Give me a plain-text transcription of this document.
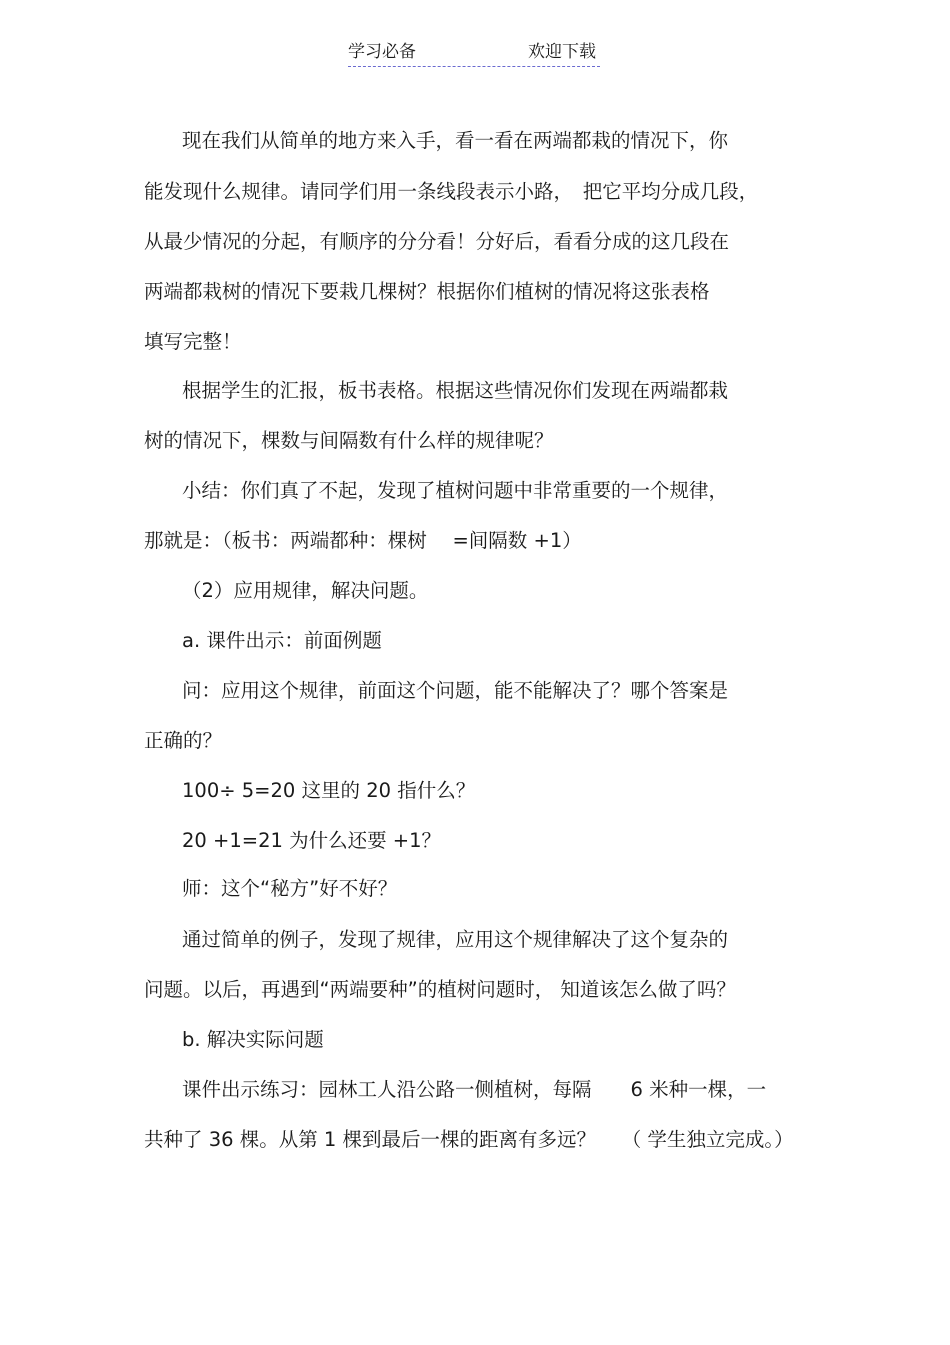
学习必备	欢迎下载
现在我们从简单的地方来入手，看一看在两端都栽的情况下，你
能发现什么规律。请同学们用一条线段表示小路，　把它平均分成几段，
从最少情况的分起，有顺序的分分看！分好后，看看分成的这几段在
两端都栽树的情况下要栽几棵树？根据你们植树的情况将这张表格
填写完整！
根据学生的汇报，板书表格。根据这些情况你们发现在两端都栽
树的情况下，棵数与间隔数有什么样的规律呢？
小结：你们真了不起，发现了植树问题中非常重要的一个规律，
那就是：（板书：两端都种：棵树　 =间隔数 +1）
（2）应用规律，解决问题。
a. 课件出示：前面例题
问：应用这个规律，前面这个问题，能不能解决了？哪个答案是
正确的？
100÷ 5=20 这里的 20 指什么？
20 +1=21 为什么还要 +1？
师：这个“秘方”好不好？
通过简单的例子，发现了规律，应用这个规律解决了这个复杂的
问题。以后，再遇到“两端要种”的植树问题时， 知道该怎么做了吗？
b. 解决实际问题
课件出示练习：园林工人沿公路一侧植树，每隔　　6 米种一棵，一
共种了 36 棵。从第 1 棵到最后一棵的距离有多远？　 （ 学生独立完成。）
